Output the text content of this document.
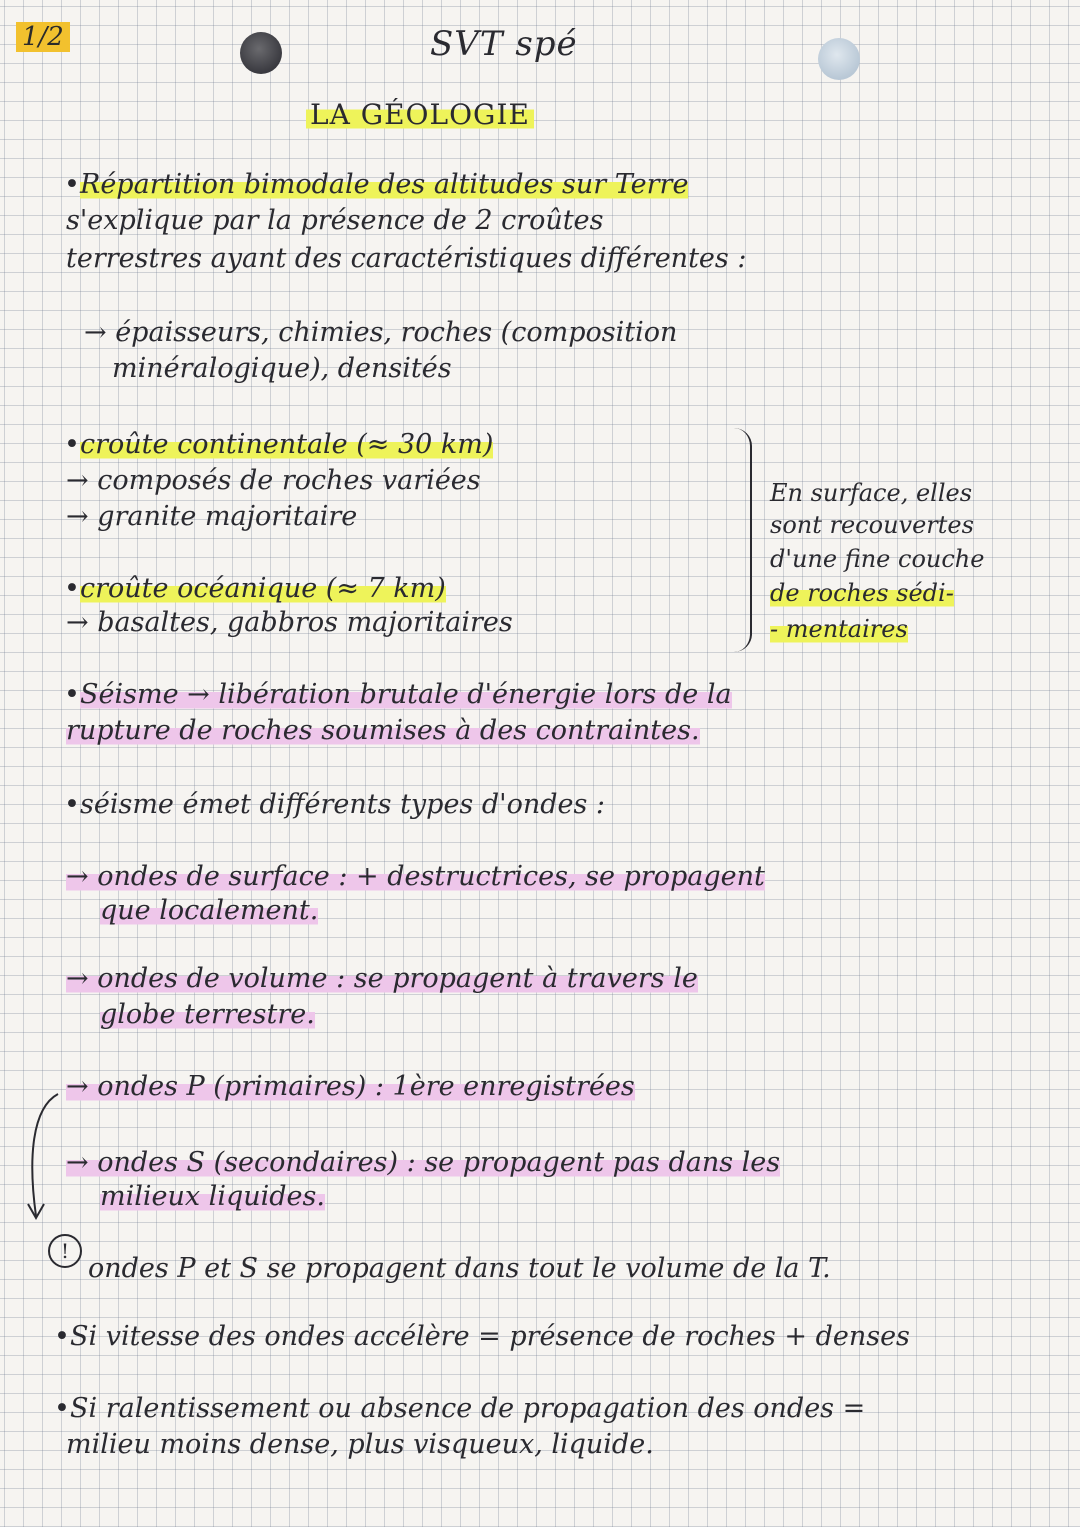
1/2	SVT spé
LA GÉOLOGIE
• Répartition bimodale des altitudes sur Terre
s'explique par la présence de 2 croûtes
terrestres ayant des caractéristiques différentes :
→ épaisseurs, chimies, roches (composition
minéralogique), densités
• croûte continentale (≈ 30 km)
→ composés de roches variées
→ granite majoritaire
• croûte océanique (≈ 7 km)
→ basaltes, gabbros majoritaires
En surface, elles
sont recouvertes
d'une fine couche
de roches sédi-
- mentaires
• Séisme → libération brutale d'énergie lors de la
rupture de roches soumises à des contraintes.
• séisme émet différents types d'ondes :
→ ondes de surface : + destructrices, se propagent
que localement.
→ ondes de volume : se propagent à travers le
globe terrestre.
→ ondes P (primaires) : 1ère enregistrées
→ ondes S (secondaires) : se propagent pas dans les
milieux liquides.
!
ondes P et S se propagent dans tout le volume de la T.
• Si vitesse des ondes accélère = présence de roches + denses
• Si ralentissement ou absence de propagation des ondes =
milieu moins dense, plus visqueux, liquide.
